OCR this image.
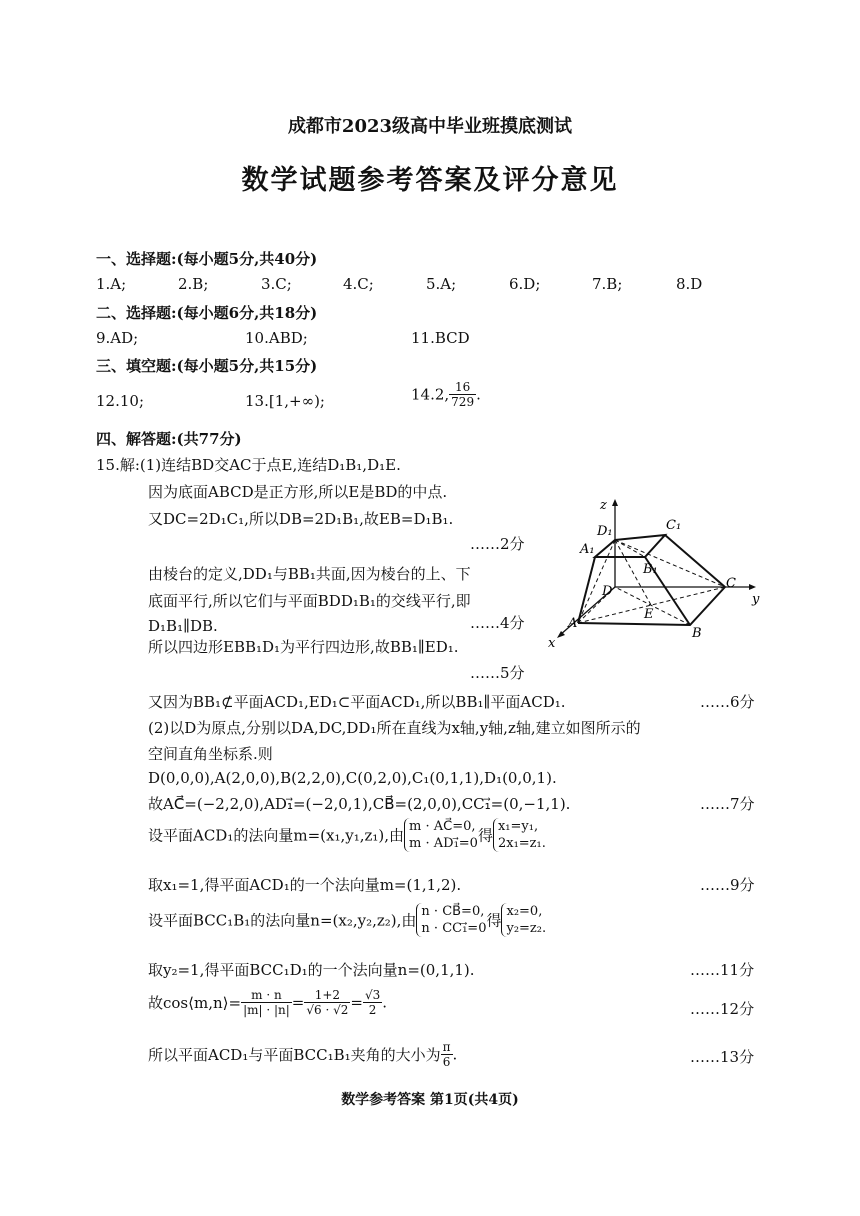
成都市2023级高中毕业班摸底测试
数学试题参考答案及评分意见
一、选择题:(每小题5分,共40分)
1.A;	2.B;	3.C;	4.C;	5.A;	6.D;	7.B;	8.D
二、选择题:(每小题6分,共18分)
9.AD;	10.ABD;	11.BCD
三、填空题:(每小题5分,共15分)
12.10;	13.[1,+∞);	14.2, $\frac{16}{729}$ .
四、解答题:(共77分)
15.解:(1)连结BD交AC于点E,连结D₁B₁,D₁E.
因为底面ABCD是正方形,所以E是BD的中点.
又DC=2D₁C₁,所以DB=2D₁B₁,故EB=D₁B₁.
……2分
由棱台的定义,DD₁与BB₁共面,因为棱台的上、下
底面平行,所以它们与平面BDD₁B₁的交线平行,即
D₁B₁∥DB.	……4分
所以四边形EBB₁D₁为平行四边形,故BB₁∥ED₁.
……5分
又因为BB₁⊄平面ACD₁,ED₁⊂平面ACD₁,所以BB₁∥平面ACD₁.	……6分
(2)以D为原点,分别以DA,DC,DD₁所在直线为x轴,y轴,z轴,建立如图所示的
空间直角坐标系.则
D(0,0,0),A(2,0,0),B(2,2,0),C(0,2,0),C₁(0,1,1),D₁(0,0,1).
故AC⃗=(−2,2,0),AD₁⃗=(−2,0,1),CB⃗=(2,0,0),CC₁⃗=(0,−1,1).	……7分
设平面ACD₁的法向量m=(x₁,y₁,z₁),由 m · AC⃗=0,
m · AD₁⃗=0 得 x₁=y₁,
2x₁=z₁.
取x₁=1,得平面ACD₁的一个法向量m=(1,1,2).	……9分
设平面BCC₁B₁的法向量n=(x₂,y₂,z₂),由 n · CB⃗=0,
n · CC₁⃗=0 得 x₂=0,
y₂=z₂.
取y₂=1,得平面BCC₁D₁的一个法向量n=(0,1,1).	……11分
故cos⟨m,n⟩= $\frac{m \cdot n}{|m| \cdot |n|} = \frac{1+2}{√6 \cdot √2} = \frac{√3}{2}$ .	……12分
所以平面ACD₁与平面BCC₁B₁夹角的大小为 $\frac{\pi}{6}$ .	……13分
z
y
x
D₁	C₁
A₁
B₁
D
C
A
B
E
数学参考答案 第1页(共4页)
